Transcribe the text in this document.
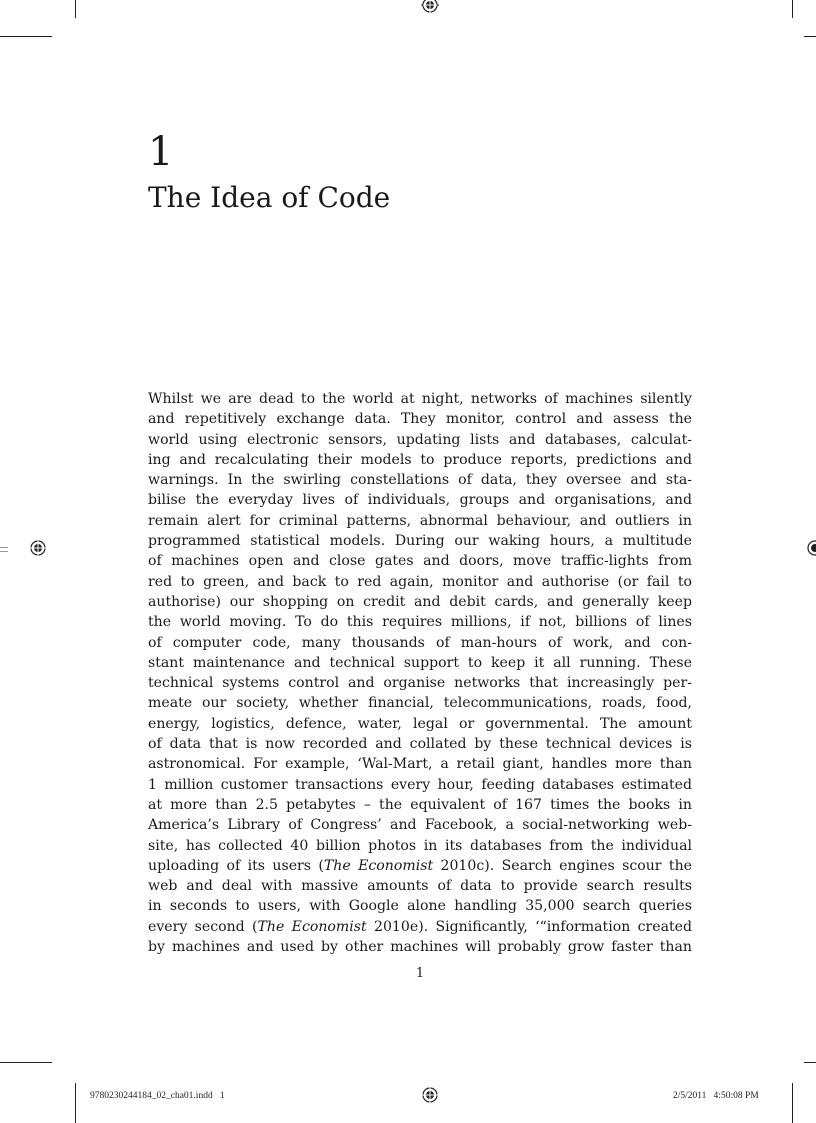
1
The Idea of Code
Whilst we are dead to the world at night, networks of machines silently
and repetitively exchange data. They monitor, control and assess the
world using electronic sensors, updating lists and databases, calculat-
ing and recalculating their models to produce reports, predictions and
warnings. In the swirling constellations of data, they oversee and sta-
bilise the everyday lives of individuals, groups and organisations, and
remain alert for criminal patterns, abnormal behaviour, and outliers in
programmed statistical models. During our waking hours, a multitude
of machines open and close gates and doors, move traffic-lights from
red to green, and back to red again, monitor and authorise (or fail to
authorise) our shopping on credit and debit cards, and generally keep
the world moving. To do this requires millions, if not, billions of lines
of computer code, many thousands of man-hours of work, and con-
stant maintenance and technical support to keep it all running. These
technical systems control and organise networks that increasingly per-
meate our society, whether financial, telecommunications, roads, food,
energy, logistics, defence, water, legal or governmental. The amount
of data that is now recorded and collated by these technical devices is
astronomical. For example, ‘Wal-Mart, a retail giant, handles more than
1 million customer transactions every hour, feeding databases estimated
at more than 2.5 petabytes – the equivalent of 167 times the books in
America’s Library of Congress’ and Facebook, a social-networking web-
site, has collected 40 billion photos in its databases from the individual
uploading of its users (The Economist 2010c). Search engines scour the
web and deal with massive amounts of data to provide search results
in seconds to users, with Google alone handling 35,000 search queries
every second (The Economist 2010e). Significantly, ‘“information created
by machines and used by other machines will probably grow faster than
1
9780230244184_02_cha01.indd   1	2/5/2011   4:50:08 PM
